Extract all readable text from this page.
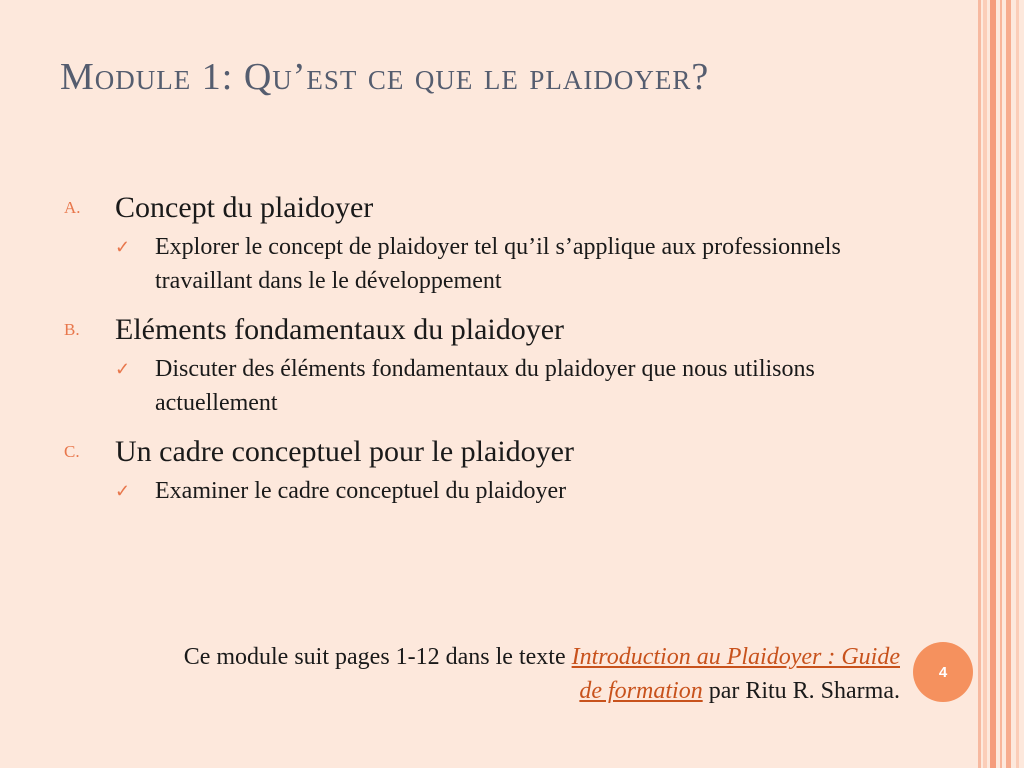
Module 1: Qu’est ce que le plaidoyer?
A.	Concept du plaidoyer
✓ Explorer le concept de plaidoyer tel qu’il s’applique aux professionnels travaillant dans le le développement
B.	Eléments fondamentaux du plaidoyer
✓ Discuter des éléments fondamentaux du plaidoyer que nous utilisons actuellement
C.	Un cadre conceptuel pour le plaidoyer
✓ Examiner le cadre conceptuel du plaidoyer
Ce module suit pages 1-12 dans le texte Introduction au Plaidoyer : Guide de formation par Ritu R. Sharma.
4
